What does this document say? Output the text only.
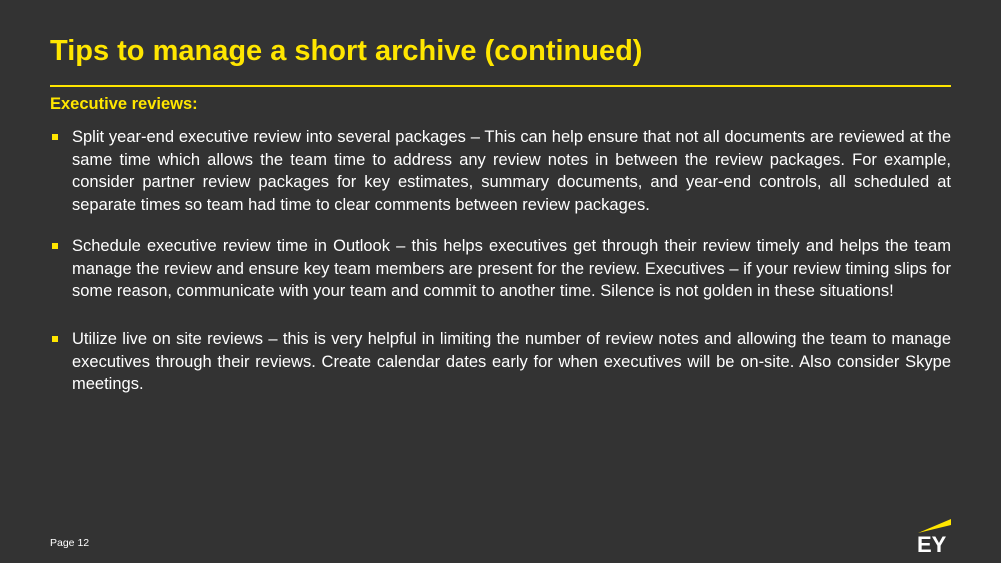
Tips to manage a short archive (continued)
Executive reviews:
Split year-end executive review into several packages – This can help ensure that not all documents are reviewed at the same time which allows the team time to address any review notes in between the review packages. For example, consider partner review packages for key estimates, summary documents, and year-end controls, all scheduled at separate times so team had time to clear comments between review packages.
Schedule executive review time in Outlook – this helps executives get through their review timely and helps the team manage the review and ensure key team members are present for the review. Executives – if your review timing slips for some reason, communicate with your team and commit to another time. Silence is not golden in these situations!
Utilize live on site reviews – this is very helpful in limiting the number of review notes and allowing the team to manage executives through their reviews. Create calendar dates early for when executives will be on-site. Also consider Skype meetings.
Page 12	EY
